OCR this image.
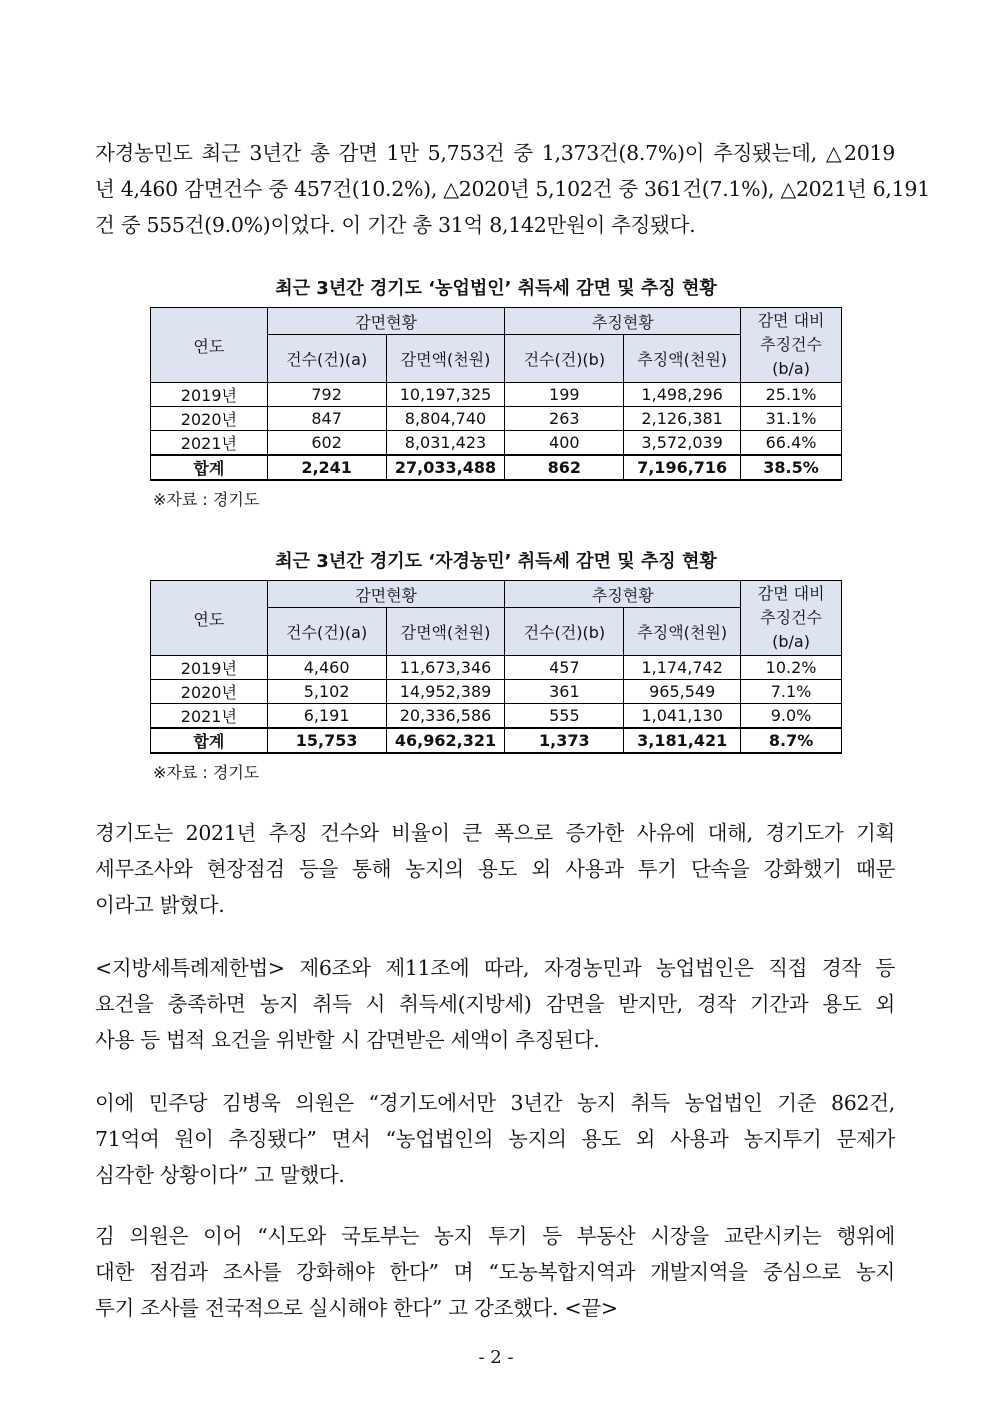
자경농민도 최근 3년간 총 감면 1만 5,753건 중 1,373건(8.7%)이 추징됐는데, △2019
년 4,460 감면건수 중 457건(10.2%), △2020년 5,102건 중 361건(7.1%), △2021년 6,191
건 중 555건(9.0%)이었다. 이 기간 총 31억 8,142만원이 추징됐다.
최근 3년간 경기도 ‘농업법인’ 취득세 감면 및 추징 현황
연도	감면현황		추징현황		감면 대비
추징건수
(b/a)

	건수(건)(a)	감면액(천원)	건수(건)(b)	추징액(천원)	
2019년	792	10,197,325	199	1,498,296	25.1%
2020년	847	8,804,740	263	2,126,381	31.1%
2021년	602	8,031,423	400	3,572,039	66.4%
합계	2,241	27,033,488	862	7,196,716	38.5%
※자료 : 경기도
최근 3년간 경기도 ‘자경농민’ 취득세 감면 및 추징 현황
연도	감면현황		추징현황		감면 대비
추징건수
(b/a)

	건수(건)(a)	감면액(천원)	건수(건)(b)	추징액(천원)	
2019년	4,460	11,673,346	457	1,174,742	10.2%
2020년	5,102	14,952,389	361	965,549	7.1%
2021년	6,191	20,336,586	555	1,041,130	9.0%
합계	15,753	46,962,321	1,373	3,181,421	8.7%
※자료 : 경기도
경기도는 2021년 추징 건수와 비율이 큰 폭으로 증가한 사유에 대해, 경기도가 기획
세무조사와 현장점검 등을 통해 농지의 용도 외 사용과 투기 단속을 강화했기 때문
이라고 밝혔다.
<지방세특례제한법> 제6조와 제11조에 따라, 자경농민과 농업법인은 직접 경작 등
요건을 충족하면 농지 취득 시 취득세(지방세) 감면을 받지만, 경작 기간과 용도 외
사용 등 법적 요건을 위반할 시 감면받은 세액이 추징된다.
이에 민주당 김병욱 의원은 “경기도에서만 3년간 농지 취득 농업법인 기준 862건,
71억여 원이 추징됐다” 면서 “농업법인의 농지의 용도 외 사용과 농지투기 문제가
심각한 상황이다” 고 말했다.
김 의원은 이어 “시도와 국토부는 농지 투기 등 부동산 시장을 교란시키는 행위에
대한 점검과 조사를 강화해야 한다” 며 “도농복합지역과 개발지역을 중심으로 농지
투기 조사를 전국적으로 실시해야 한다” 고 강조했다. <끝>
- 2 -
